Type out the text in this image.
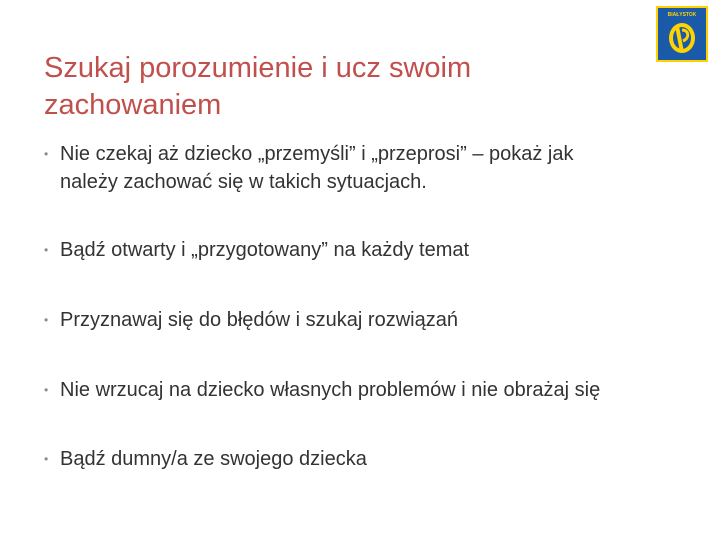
Szukaj porozumienie i ucz swoim
zachowaniem
BIAŁYSTOK
• Nie czekaj aż dziecko „przemyśli” i „przeprosi” – pokaż jak
należy zachować się w takich sytuacjach.
• Bądź otwarty i „przygotowany” na każdy temat
• Przyznawaj się do błędów i szukaj rozwiązań
• Nie wrzucaj na dziecko własnych problemów i nie obrażaj się
• Bądź dumny/a ze swojego dziecka
